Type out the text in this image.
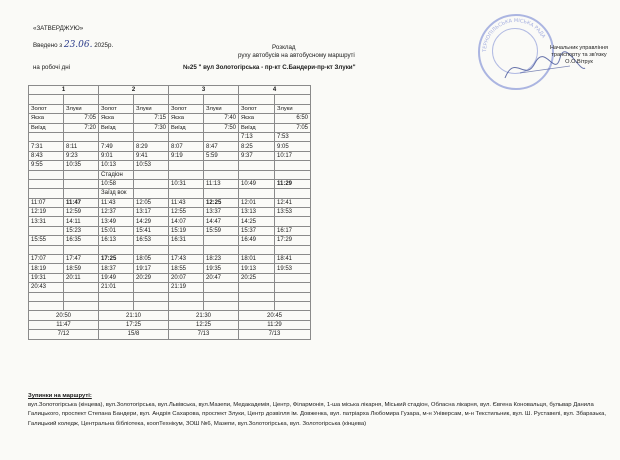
«ЗАТВЕРДЖУЮ»
Введено з 23.06. 2025р.
на робочі дні
Розклад
руху автобусів на автобусному маршруті
№25 " вул Золотогірська - пр-кт С.Бандери-пр-кт Злуки"
ТЕРНОПІЛЬСЬКА МІСЬКА РАДА
Начальник управління
транспорту та зв'язку
О.О.Вітрук
1		2		3		4	

Золот	Злуки	Золот	Злуки	Золот	Злуки	Золот	Злуки
Яєка	7:05	Яєка	7:15	Яєка	7:40	Яєка	6:50
Виїзд	7:20	Виїзд	7:30	Виїзд	7:50	Виїзд	7:05
						7:13	7:53
7:31	8:11	7:49	8:29	8:07	8:47	8:25	9:05
8:43	9:23	9:01	9:41	9:19	5:59	9:37	10:17
9:55	10:35	10:13	10:53				
		Стадіон					
		10:58		10:31	11:13	10:49	11:29
		Заїзд вок					
11:07	11:47	11:43	12:05	11:43	12:25	12:01	12:41
12:19	12:59	12:37	13:17	12:55	13:37	13:13	13:53
13:31	14:11	13:49	14:29	14:07	14:47	14:25	
	15:23	15:01	15:41	15:19	15:59	15:37	16:17
15:55	16:35	16:13	16:53	16:31		16:49	17:29

17:07	17:47	17:25	18:05	17:43	18:23	18:01	18:41
18:19	18:59	18:37	19:17	18:55	19:35	19:13	19:53
19:31	20:11	19:49	20:29	20:07	20:47	20:25	
20:43		21:01		21:19			

20:50		21:10		21:30		20:45	
11:47		17:25		12:25		11:29	
7/12		15/8		7/13		7/13	
Зупинки на маршруті:
вул.Золотогірська (кінцева), вул.Золотогірська, вул.Львівська, вул.Мазепи, Медакадемія, Центр, Філармонія, 1-ша міська лікарня, Міський стадіон, Обласна лікарня, вул. Євгена Коновальця, бульвар Данила Галицького, проспект Степана Бандери, вул. Андрія Сахарова, проспект Злуки, Центр дозвілля ім. Довженка, вул. патріарха Любомира Гузара, м-н Універсам, м-н Текстильник, вул. Ш. Руставелі, вул. Збаразька, Галицький коледж, Центральна бібліотека, коопТехнікум, ЗОШ №6, Мазепи, вул.Золотогірська, вул. Золотогірська (кінцева)
